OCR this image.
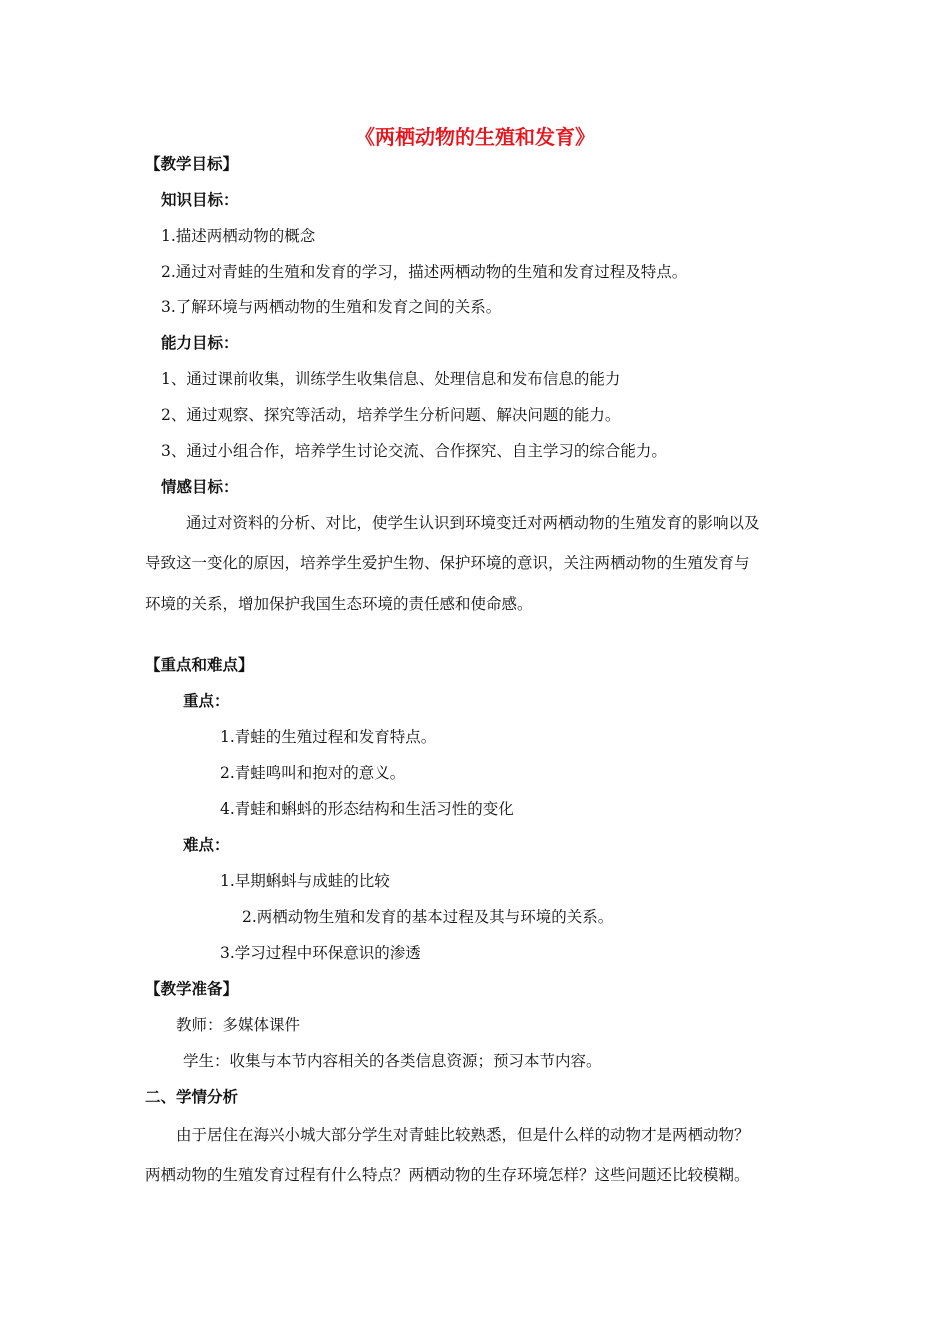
《两栖动物的生殖和发育》
【教学目标】
知识目标：
1.描述两栖动物的概念
2.通过对青蛙的生殖和发育的学习，描述两栖动物的生殖和发育过程及特点。
3.了解环境与两栖动物的生殖和发育之间的关系。
能力目标：
1、通过课前收集，训练学生收集信息、处理信息和发布信息的能力
2、通过观察、探究等活动，培养学生分析问题、解决问题的能力。
3、通过小组合作，培养学生讨论交流、合作探究、自主学习的综合能力。
情感目标：
通过对资料的分析、对比，使学生认识到环境变迁对两栖动物的生殖发育的影响以及
导致这一变化的原因，培养学生爱护生物、保护环境的意识，关注两栖动物的生殖发育与
环境的关系，增加保护我国生态环境的责任感和使命感。
【重点和难点】
重点：
1.青蛙的生殖过程和发育特点。
2.青蛙鸣叫和抱对的意义。
4.青蛙和蝌蚪的形态结构和生活习性的变化
难点：
1.早期蝌蚪与成蛙的比较
2.两栖动物生殖和发育的基本过程及其与环境的关系。
3.学习过程中环保意识的渗透
【教学准备】
教师：多媒体课件
学生：收集与本节内容相关的各类信息资源；预习本节内容。
二、学情分析
由于居住在海兴小城大部分学生对青蛙比较熟悉，但是什么样的动物才是两栖动物？
两栖动物的生殖发育过程有什么特点？两栖动物的生存环境怎样？这些问题还比较模糊。
